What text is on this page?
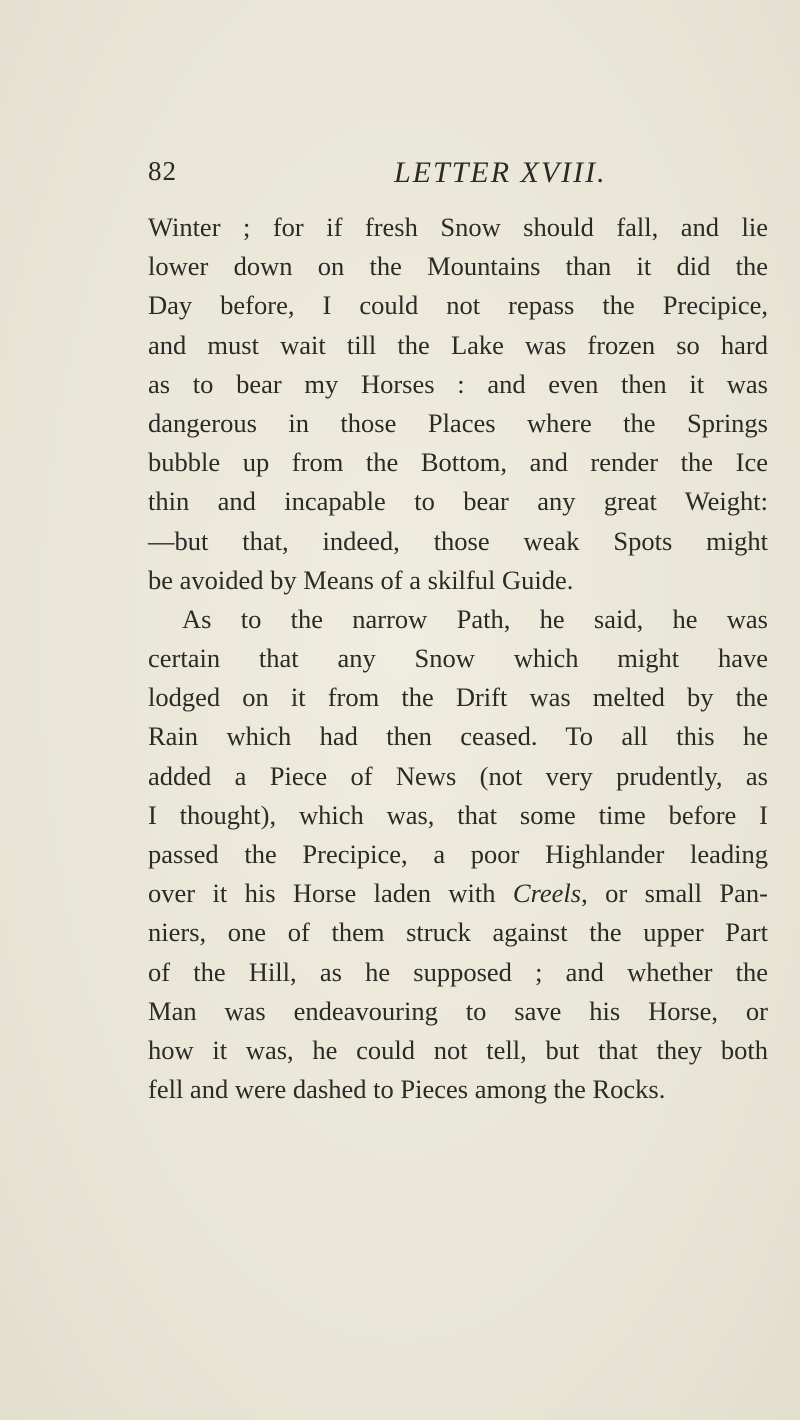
82	LETTER XVIII.
Winter ; for if fresh Snow should fall, and lie
lower down on the Mountains than it did the
Day before, I could not repass the Precipice,
and must wait till the Lake was frozen so hard
as to bear my Horses : and even then it was
dangerous in those Places where the Springs
bubble up from the Bottom, and render the Ice
thin and incapable to bear any great Weight:
—but that, indeed, those weak Spots might
be avoided by Means of a skilful Guide.
As to the narrow Path, he said, he was
certain that any Snow which might have
lodged on it from the Drift was melted by the
Rain which had then ceased. To all this he
added a Piece of News (not very prudently, as
I thought), which was, that some time before I
passed the Precipice, a poor Highlander leading
over it his Horse laden with Creels, or small Pan-
niers, one of them struck against the upper Part
of the Hill, as he supposed ; and whether the
Man was endeavouring to save his Horse, or
how it was, he could not tell, but that they both
fell and were dashed to Pieces among the Rocks.
